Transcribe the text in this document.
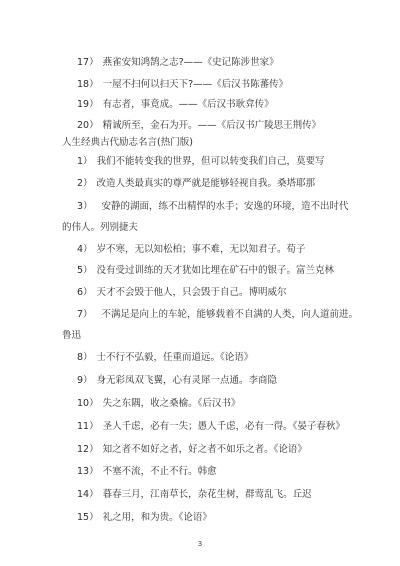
17） 燕雀安知鸿鹄之志?——《史记陈涉世家》
18） 一屋不扫何以扫天下?——《后汉书陈蕃传》
19） 有志者，事竟成。——《后汉书耿弇传》
20） 精诚所至，金石为开。——《后汉书广陵思王荆传》
人生经典古代励志名言(热门版)
1） 我们不能转变我的世界，但可以转变我们自己，莫要写
2） 改造人类最真实的尊严就是能够轻视自我。桑塔耶那
3） 安静的湖面，练不出精悍的水手；安逸的环境，造不出时代
的伟人。列别捷夫
4） 岁不寒，无以知松柏；事不难，无以知君子。荀子
5） 没有受过训练的天才犹如比埋在矿石中的银子。富兰克林
6） 天才不会毁于他人，只会毁于自己。博明威尔
7） 不满足是向上的车轮，能够载着不自满的人类，向人道前进。
鲁迅
8） 士不行不弘毅，任重而道远。《论语》
9） 身无彩凤双飞翼，心有灵犀一点通。李商隐
10） 失之东隅，收之桑榆。《后汉书》
11） 圣人千虑，必有一失；愚人千虑，必有一得。《晏子春秋》
12） 知之者不如好之者，好之者不如乐之者。《论语》
13） 不塞不流，不止不行。韩愈
14） 暮春三月，江南草长，杂花生树，群莺乱飞。丘迟
15） 礼之用，和为贵。《论语》
3
